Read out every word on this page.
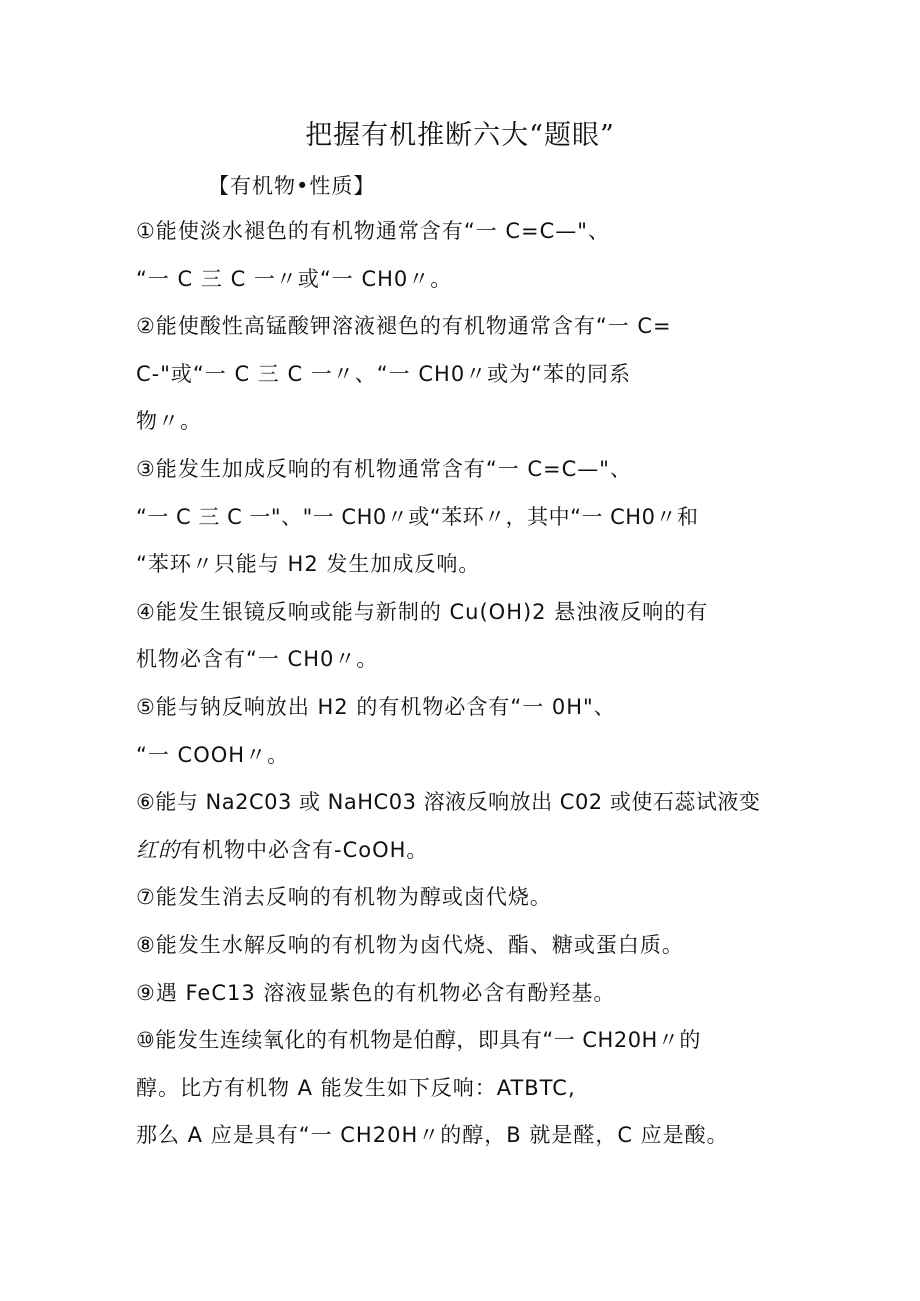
把握有机推断六大“题眼”
【有机物•性质】
①能使淡水褪色的有机物通常含有“一 C=C—"、
“一 C 三 C 一〃或“一 CH0〃。
②能使酸性高锰酸钾溶液褪色的有机物通常含有“一 C=
C-"或“一 C 三 C 一〃、“一 CH0〃或为“苯的同系
物〃。
③能发生加成反响的有机物通常含有“一 C=C—"、
“一 C 三 C 一"、"一 CH0〃或“苯环〃，其中“一 CH0〃和
“苯环〃只能与 H2 发生加成反响。
④能发生银镜反响或能与新制的 Cu(OH)2 悬浊液反响的有
机物必含有“一 CH0〃。
⑤能与钠反响放出 H2 的有机物必含有“一 0H"、
“一 COOH〃。
⑥能与 Na2C03 或 NaHC03 溶液反响放出 C02 或使石蕊试液变
红的有机物中必含有-CoOH。
⑦能发生消去反响的有机物为醇或卤代烧。
⑧能发生水解反响的有机物为卤代烧、酯、糖或蛋白质。
⑨遇 FeC13 溶液显紫色的有机物必含有酚羟基。
⑩能发生连续氧化的有机物是伯醇，即具有“一 CH20H〃的
醇。比方有机物 A 能发生如下反响：ATBTC,
那么 A 应是具有“一 CH20H〃的醇，B 就是醛，C 应是酸。
